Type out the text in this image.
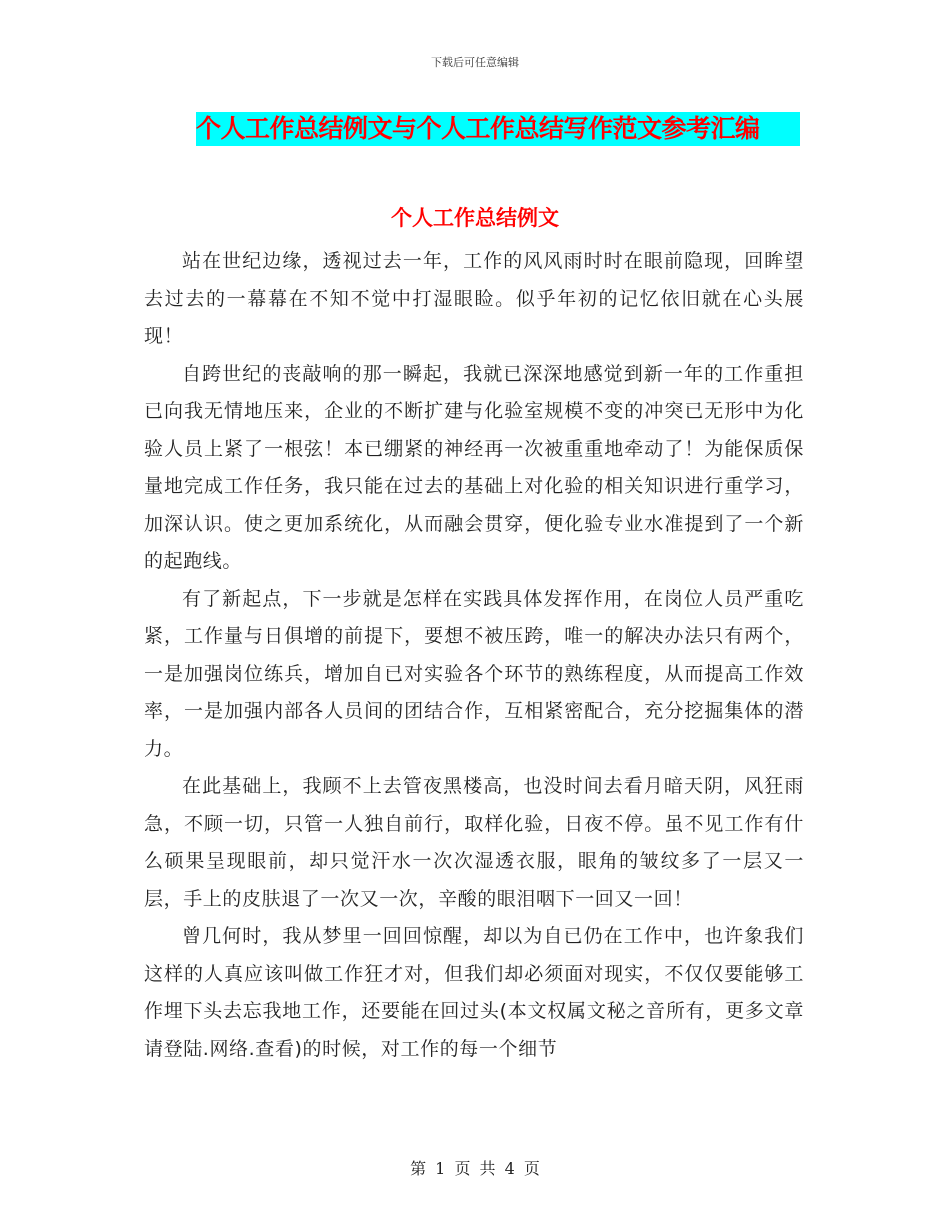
下载后可任意编辑
个人工作总结例文与个人工作总结写作范文参考汇编
个人工作总结例文

站在世纪边缘，透视过去一年，工作的风风雨时时在眼前隐现，回眸望去过去的一幕幕在不知不觉中打湿眼睑。似乎年初的记忆依旧就在心头展现！

自跨世纪的丧敲响的那一瞬起，我就已深深地感觉到新一年的工作重担已向我无情地压来，企业的不断扩建与化验室规模不变的冲突已无形中为化验人员上紧了一根弦！本已绷紧的神经再一次被重重地牵动了！为能保质保量地完成工作任务，我只能在过去的基础上对化验的相关知识进行重学习，加深认识。使之更加系统化，从而融会贯穿，便化验专业水准提到了一个新的起跑线。

有了新起点，下一步就是怎样在实践具体发挥作用，在岗位人员严重吃紧，工作量与日俱增的前提下，要想不被压跨，唯一的解决办法只有两个，一是加强岗位练兵，增加自已对实验各个环节的熟练程度，从而提高工作效率，一是加强内部各人员间的团结合作，互相紧密配合，充分挖掘集体的潜力。

在此基础上，我顾不上去管夜黑楼高，也没时间去看月暗天阴，风狂雨急，不顾一切，只管一人独自前行，取样化验，日夜不停。虽不见工作有什么硕果呈现眼前，却只觉汗水一次次湿透衣服，眼角的皱纹多了一层又一层，手上的皮肤退了一次又一次，辛酸的眼泪咽下一回又一回！

曾几何时，我从梦里一回回惊醒，却以为自已仍在工作中，也许象我们这样的人真应该叫做工作狂才对，但我们却必须面对现实，不仅仅要能够工作埋下头去忘我地工作，还要能在回过头(本文权属文秘之音所有，更多文章请登陆.网络.查看)的时候，对工作的每一个细节

第 1 页 共 4 页
